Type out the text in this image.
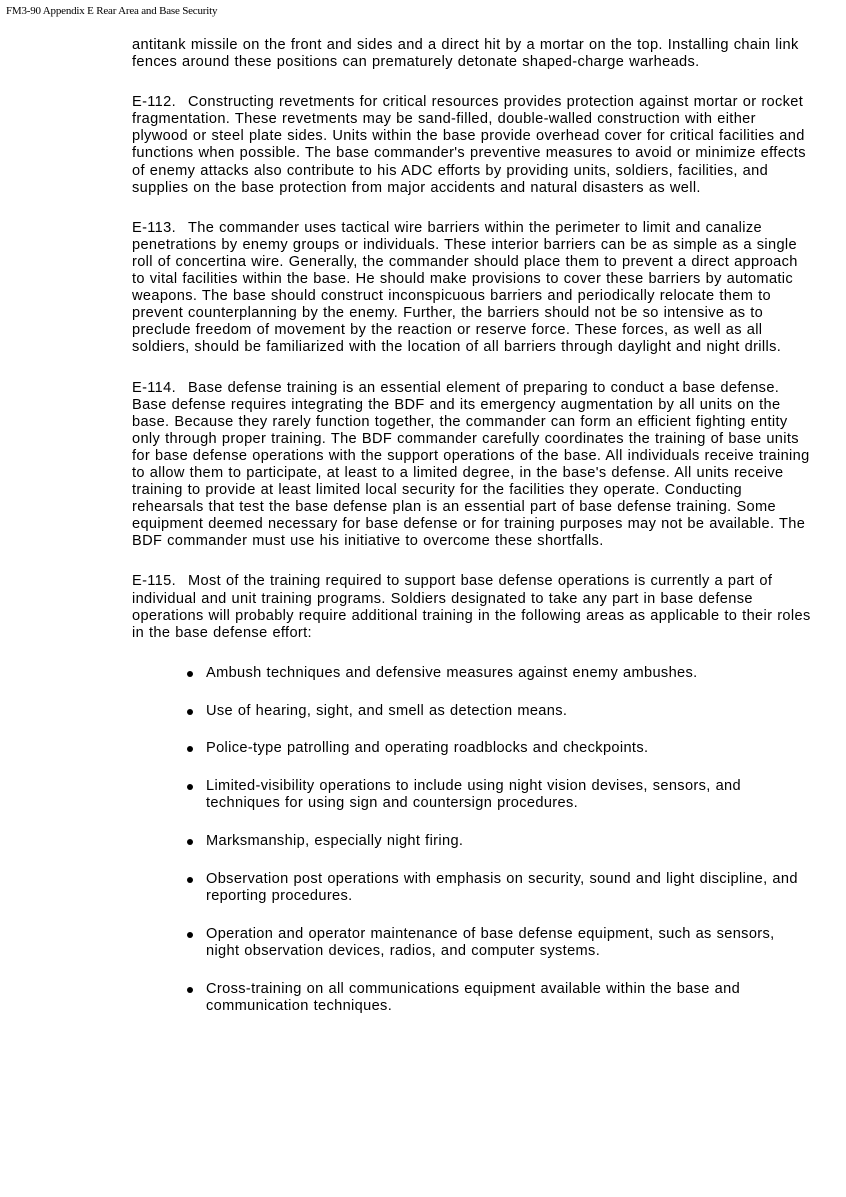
FM3-90 Appendix E Rear Area and Base Security

antitank missile on the front and sides and a direct hit by a mortar on the top. Installing chain link fences around these positions can prematurely detonate shaped-charge warheads.

E-112. Constructing revetments for critical resources provides protection against mortar or rocket fragmentation. These revetments may be sand-filled, double-walled construction with either plywood or steel plate sides. Units within the base provide overhead cover for critical facilities and functions when possible. The base commander's preventive measures to avoid or minimize effects of enemy attacks also contribute to his ADC efforts by providing units, soldiers, facilities, and supplies on the base protection from major accidents and natural disasters as well.

E-113. The commander uses tactical wire barriers within the perimeter to limit and canalize penetrations by enemy groups or individuals. These interior barriers can be as simple as a single roll of concertina wire. Generally, the commander should place them to prevent a direct approach to vital facilities within the base. He should make provisions to cover these barriers by automatic weapons. The base should construct inconspicuous barriers and periodically relocate them to prevent counterplanning by the enemy. Further, the barriers should not be so intensive as to preclude freedom of movement by the reaction or reserve force. These forces, as well as all soldiers, should be familiarized with the location of all barriers through daylight and night drills.

E-114. Base defense training is an essential element of preparing to conduct a base defense. Base defense requires integrating the BDF and its emergency augmentation by all units on the base. Because they rarely function together, the commander can form an efficient fighting entity only through proper training. The BDF commander carefully coordinates the training of base units for base defense operations with the support operations of the base. All individuals receive training to allow them to participate, at least to a limited degree, in the base's defense. All units receive training to provide at least limited local security for the facilities they operate. Conducting rehearsals that test the base defense plan is an essential part of base defense training. Some equipment deemed necessary for base defense or for training purposes may not be available. The BDF commander must use his initiative to overcome these shortfalls.

E-115. Most of the training required to support base defense operations is currently a part of individual and unit training programs. Soldiers designated to take any part in base defense operations will probably require additional training in the following areas as applicable to their roles in the base defense effort:

Ambush techniques and defensive measures against enemy ambushes.
Use of hearing, sight, and smell as detection means.
Police-type patrolling and operating roadblocks and checkpoints.
Limited-visibility operations to include using night vision devises, sensors, and techniques for using sign and countersign procedures.
Marksmanship, especially night firing.
Observation post operations with emphasis on security, sound and light discipline, and reporting procedures.
Operation and operator maintenance of base defense equipment, such as sensors, night observation devices, radios, and computer systems.
Cross-training on all communications equipment available within the base and communication techniques.
